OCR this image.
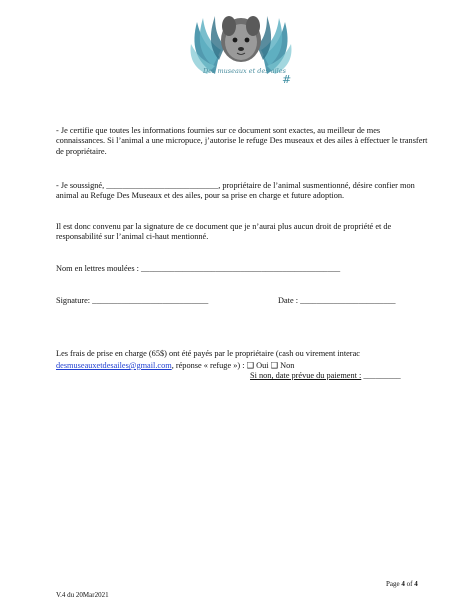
Des museaux et des ailes
#

- Je certifie que toutes les informations fournies sur ce document sont exactes, au meilleur de mes connaissances. Si l’animal a une micropuce, j’autorise le refuge Des museaux et des ailes à effectuer le transfert de propriétaire.

- Je soussigné, ___________________________, propriétaire de l’animal susmentionné, désire confier mon animal au Refuge Des Museaux et des ailes, pour sa prise en charge et future adoption.

Il est donc convenu par la signature de ce document que je n’aurai plus aucun droit de propriété et de responsabilité sur l’animal ci-haut mentionné.

Nom en lettres moulées : ________________________________________________
Signature: ____________________________	Date : _______________________
Les frais de prise en charge (65$) ont été payés par le propriétaire (cash ou virement interac
desmuseauxetdesailes@gmail.com, réponse « refuge ») : ❑ Oui ❑ Non
Si non, date prévue du paiement : _________
V.4 du 20Mar2021
Page 4 of 4
